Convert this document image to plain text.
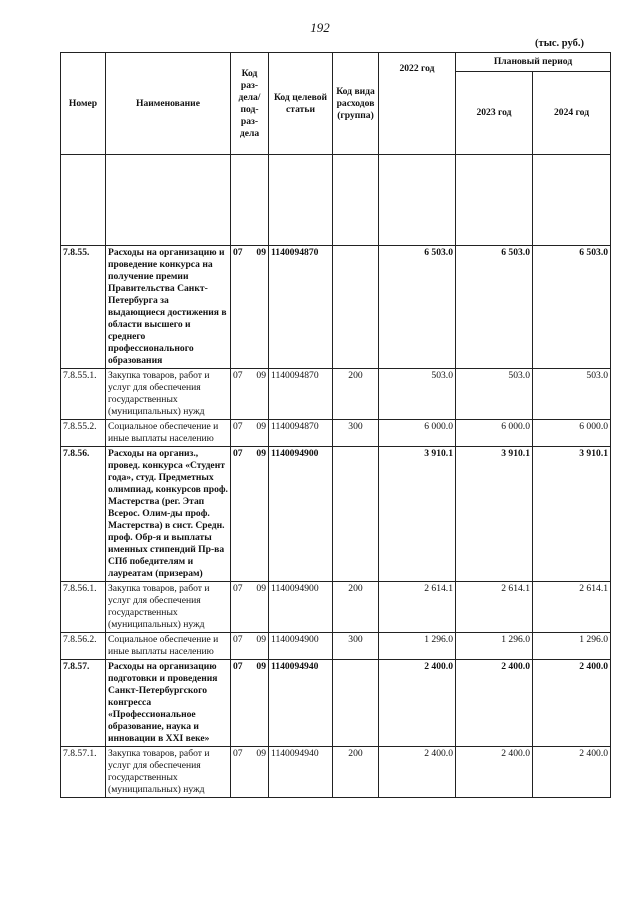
192
(тыс. руб.)
Номер	Наименование	Код раз-дела/ под-раз-дела	Код целевой статьи	Код вида расходов (группа)	2022 год	Плановый период	
						2023 год	2024 год

7.8.55.	Расходы на организацию и проведение конкурса на получение премии Правительства Санкт-Петербурга за выдающиеся достижения в области высшего и среднего профессионального образования	07 09	1140094870		6 503.0	6 503.0	6 503.0
7.8.55.1.	Закупка товаров, работ и услуг для обеспечения государственных (муниципальных) нужд	07 09	1140094870	200	503.0	503.0	503.0
7.8.55.2.	Социальное обеспечение и иные выплаты населению	07 09	1140094870	300	6 000.0	6 000.0	6 000.0
7.8.56.	Расходы на организ., провед. конкурса «Студент года», студ. Предметных олимпиад, конкурсов проф. Мастерства (рег. Этап Всерос. Олим-ды проф. Мастерства) в сист. Средн. проф. Обр-я и выплаты именных стипендий Пр-ва СПб победителям и лауреатам (призерам)	07 09	1140094900		3 910.1	3 910.1	3 910.1
7.8.56.1.	Закупка товаров, работ и услуг для обеспечения государственных (муниципальных) нужд	07 09	1140094900	200	2 614.1	2 614.1	2 614.1
7.8.56.2.	Социальное обеспечение и иные выплаты населению	07 09	1140094900	300	1 296.0	1 296.0	1 296.0
7.8.57.	Расходы на организацию подготовки и проведения Санкт-Петербургского конгресса «Профессиональное образование, наука и инновации в XXI веке»	07 09	1140094940		2 400.0	2 400.0	2 400.0
7.8.57.1.	Закупка товаров, работ и услуг для обеспечения государственных (муниципальных) нужд	07 09	1140094940	200	2 400.0	2 400.0	2 400.0
